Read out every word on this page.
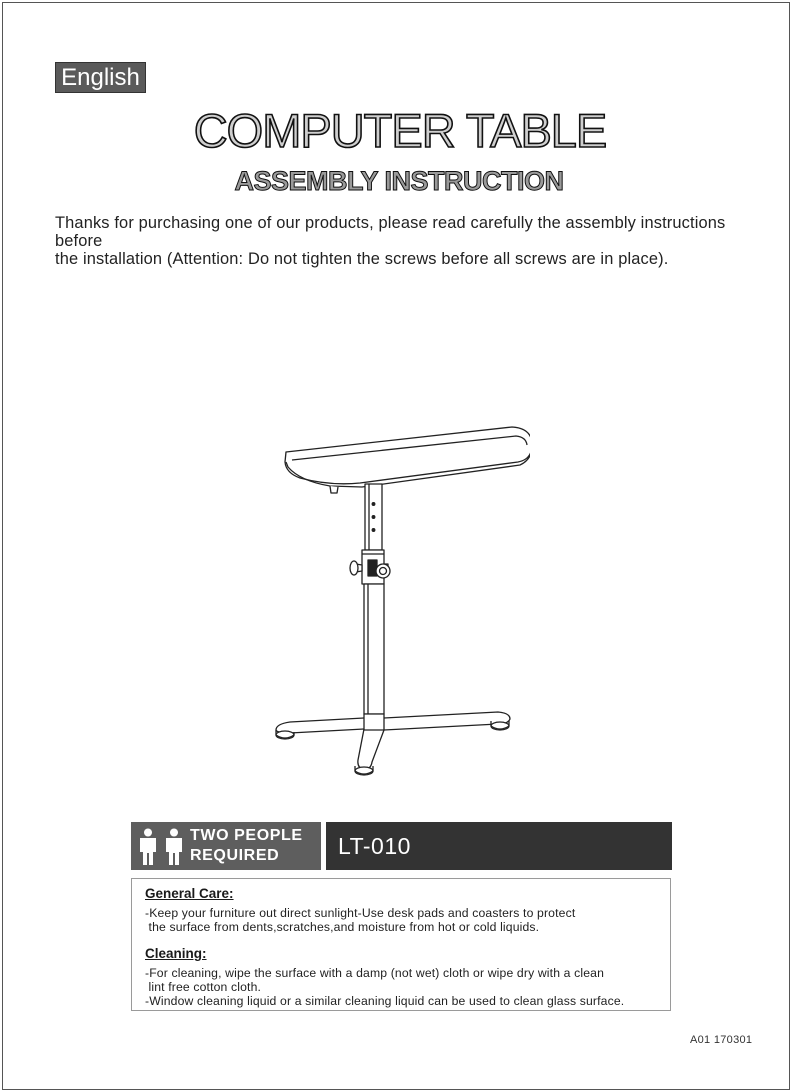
English
COMPUTER TABLE
ASSEMBLY INSTRUCTION
Thanks for purchasing one of our products, please read carefully the assembly instructions before
the installation (Attention: Do not tighten the screws before all screws are in place).
TWO PEOPLE
REQUIRED	LT-010
General Care:
-Keep your furniture out direct sunlight-Use desk pads and coasters to protect
the surface from dents,scratches,and moisture from hot or cold liquids.
Cleaning:
-For cleaning, wipe the surface with a damp (not wet) cloth or wipe dry with a clean
lint free cotton cloth.
-Window cleaning liquid or a similar cleaning liquid can be used to clean glass surface.
A01 170301
